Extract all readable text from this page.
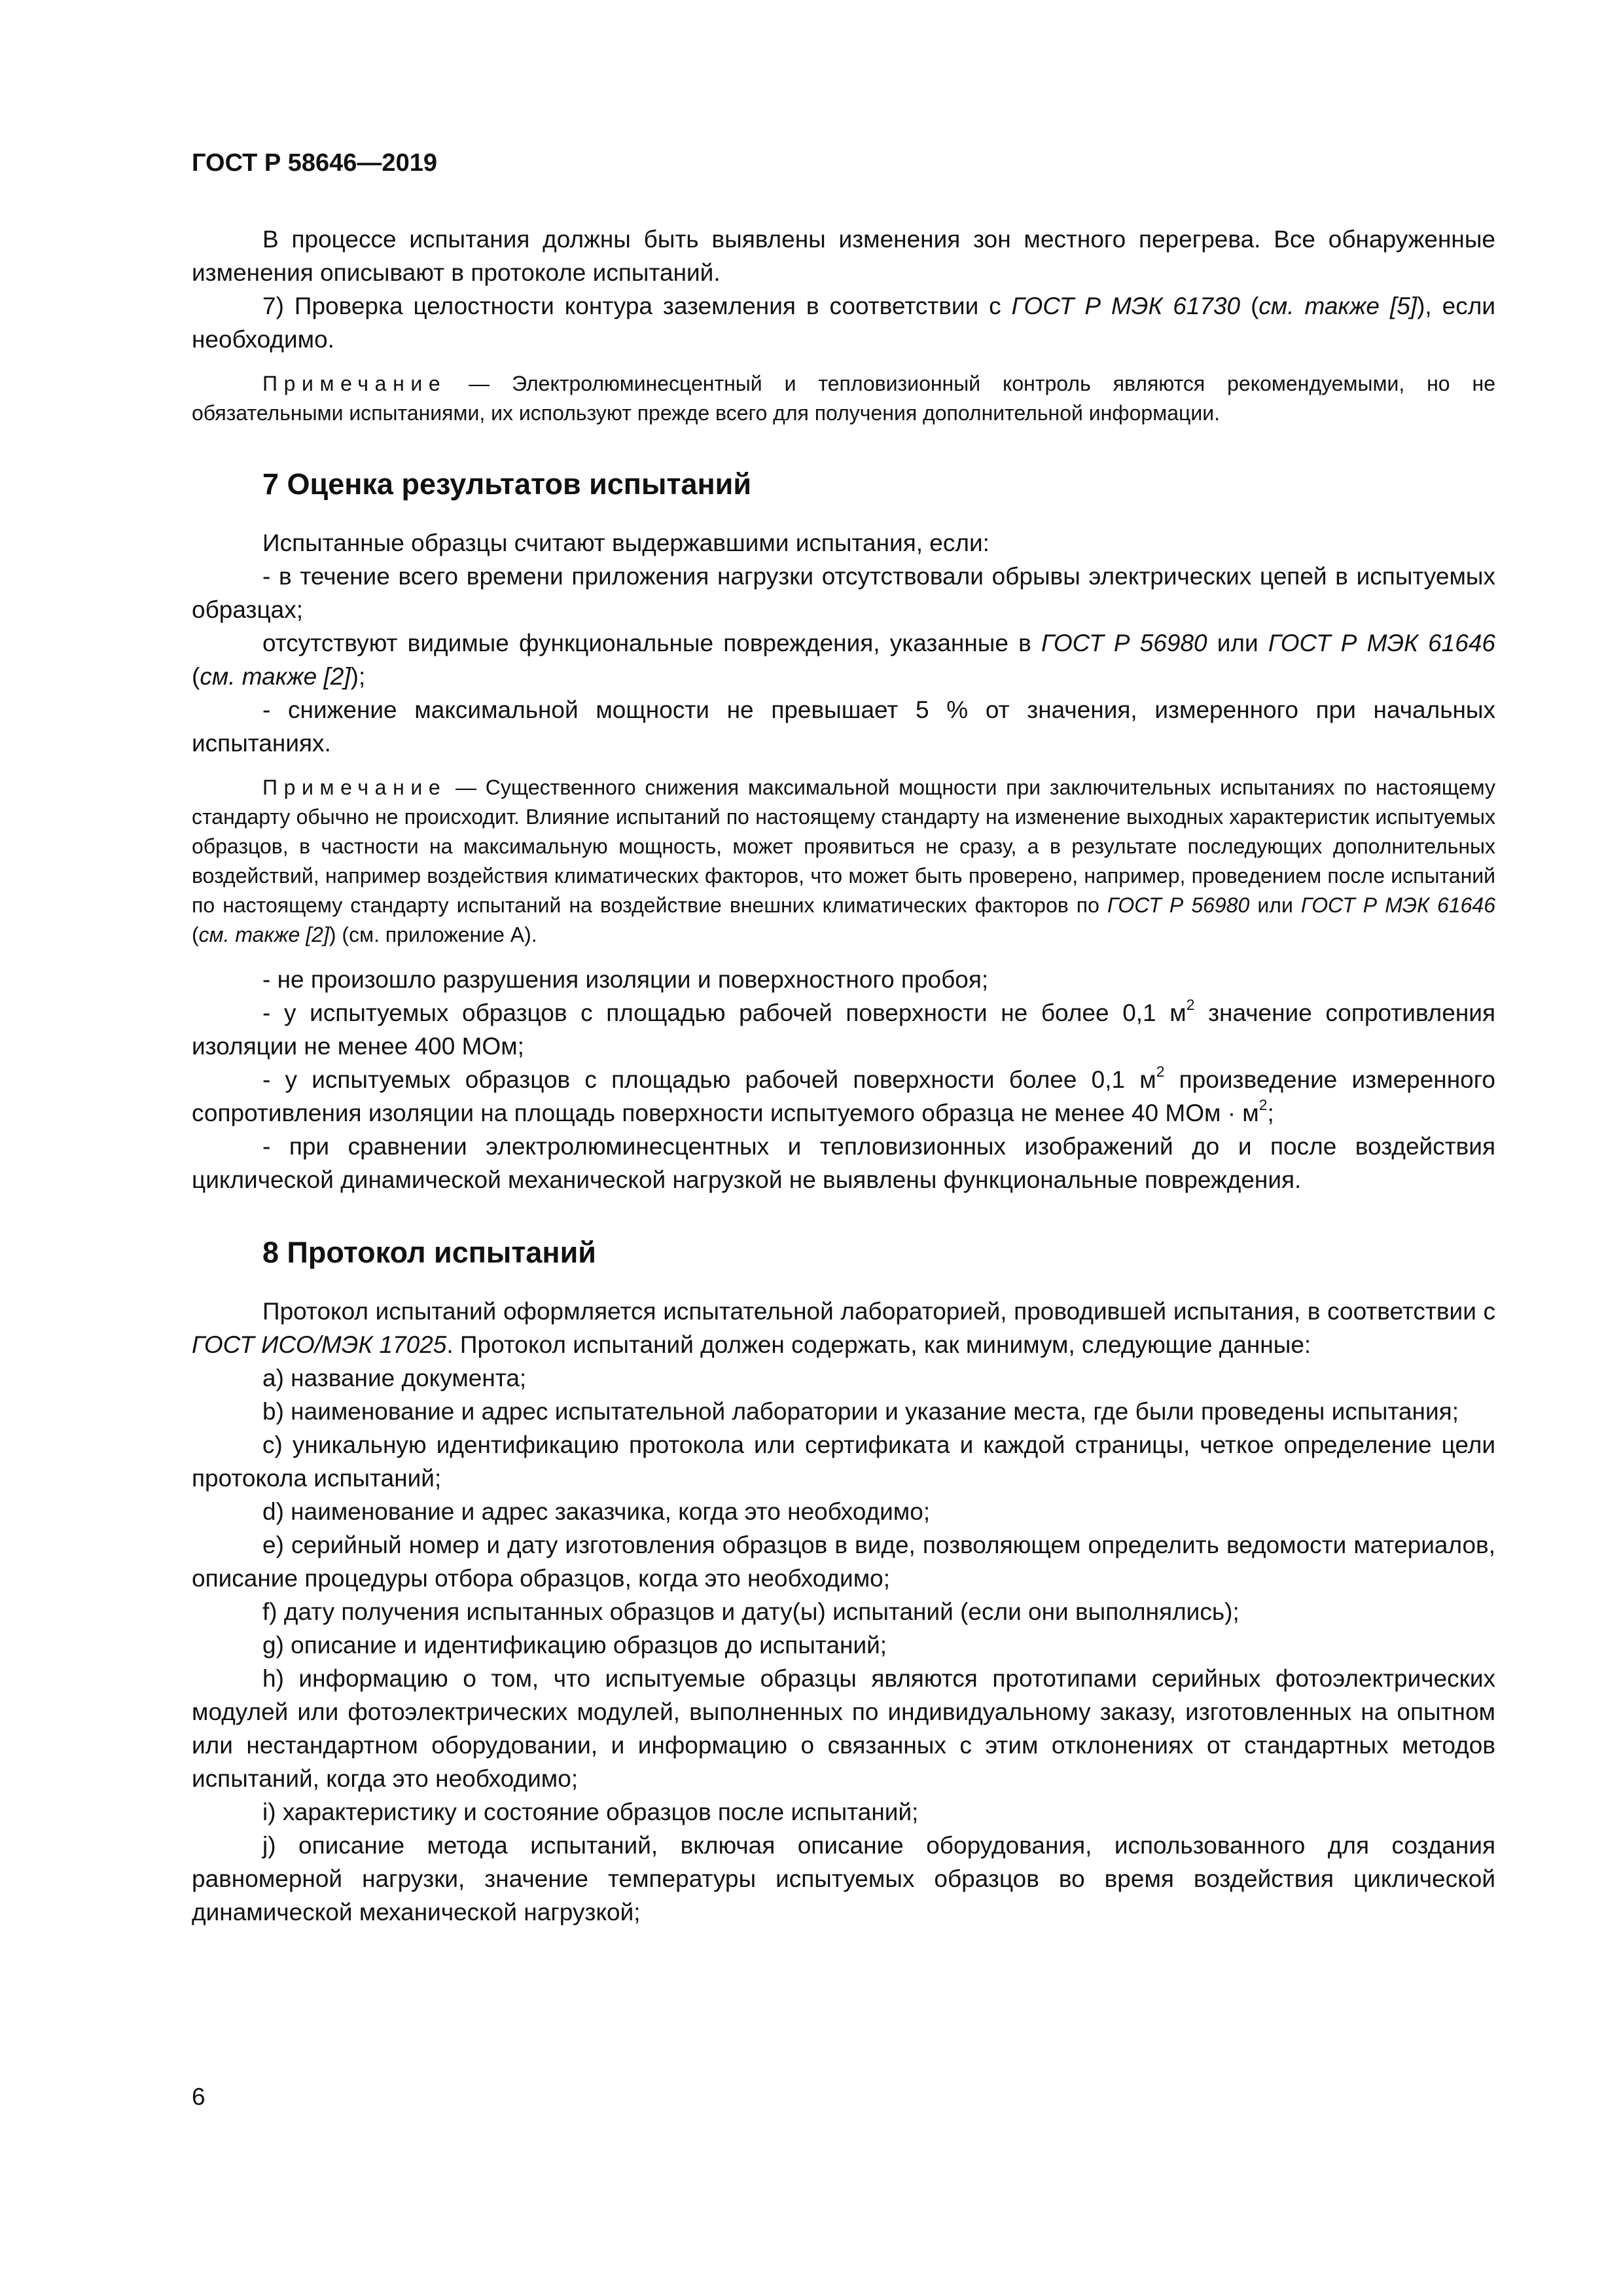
ГОСТ Р 58646—2019

В процессе испытания должны быть выявлены изменения зон местного перегрева. Все обнаруженные изменения описывают в протоколе испытаний.

7) Проверка целостности контура заземления в соответствии с ГОСТ Р МЭК 61730 (см. также [5]), если необходимо.

Примечание — Электролюминесцентный и тепловизионный контроль являются рекомендуемыми, но не обязательными испытаниями, их используют прежде всего для получения дополнительной информации.

7 Оценка результатов испытаний

Испытанные образцы считают выдержавшими испытания, если:

- в течение всего времени приложения нагрузки отсутствовали обрывы электрических цепей в испытуемых образцах;

отсутствуют видимые функциональные повреждения, указанные в ГОСТ Р 56980 или ГОСТ Р МЭК 61646 (см. также [2]);

- снижение максимальной мощности не превышает 5 % от значения, измеренного при начальных испытаниях.

Примечание — Существенного снижения максимальной мощности при заключительных испытаниях по настоящему стандарту обычно не происходит. Влияние испытаний по настоящему стандарту на изменение выходных характеристик испытуемых образцов, в частности на максимальную мощность, может проявиться не сразу, а в результате последующих дополнительных воздействий, например воздействия климатических факторов, что может быть проверено, например, проведением после испытаний по настоящему стандарту испытаний на воздействие внешних климатических факторов по ГОСТ Р 56980 или ГОСТ Р МЭК 61646 (см. также [2]) (см. приложение А).

- не произошло разрушения изоляции и поверхностного пробоя;

- у испытуемых образцов с площадью рабочей поверхности не более 0,1 $м^2$ значение сопротивления изоляции не менее 400 МОм;

- у испытуемых образцов с площадью рабочей поверхности более 0,1 $м^2$ произведение измеренного сопротивления изоляции на площадь поверхности испытуемого образца не менее 40 МОм · $м^2$;

- при сравнении электролюминесцентных и тепловизионных изображений до и после воздействия циклической динамической механической нагрузкой не выявлены функциональные повреждения.

8 Протокол испытаний

Протокол испытаний оформляется испытательной лабораторией, проводившей испытания, в соответствии с ГОСТ ИСО/МЭК 17025. Протокол испытаний должен содержать, как минимум, следующие данные:

a) название документа;

b) наименование и адрес испытательной лаборатории и указание места, где были проведены испытания;

c) уникальную идентификацию протокола или сертификата и каждой страницы, четкое определение цели протокола испытаний;

d) наименование и адрес заказчика, когда это необходимо;

e) серийный номер и дату изготовления образцов в виде, позволяющем определить ведомости материалов, описание процедуры отбора образцов, когда это необходимо;

f) дату получения испытанных образцов и дату(ы) испытаний (если они выполнялись);

g) описание и идентификацию образцов до испытаний;

h) информацию о том, что испытуемые образцы являются прототипами серийных фотоэлектрических модулей или фотоэлектрических модулей, выполненных по индивидуальному заказу, изготовленных на опытном или нестандартном оборудовании, и информацию о связанных с этим отклонениях от стандартных методов испытаний, когда это необходимо;

i) характеристику и состояние образцов после испытаний;

j) описание метода испытаний, включая описание оборудования, использованного для создания равномерной нагрузки, значение температуры испытуемых образцов во время воздействия циклической динамической механической нагрузкой;

6
